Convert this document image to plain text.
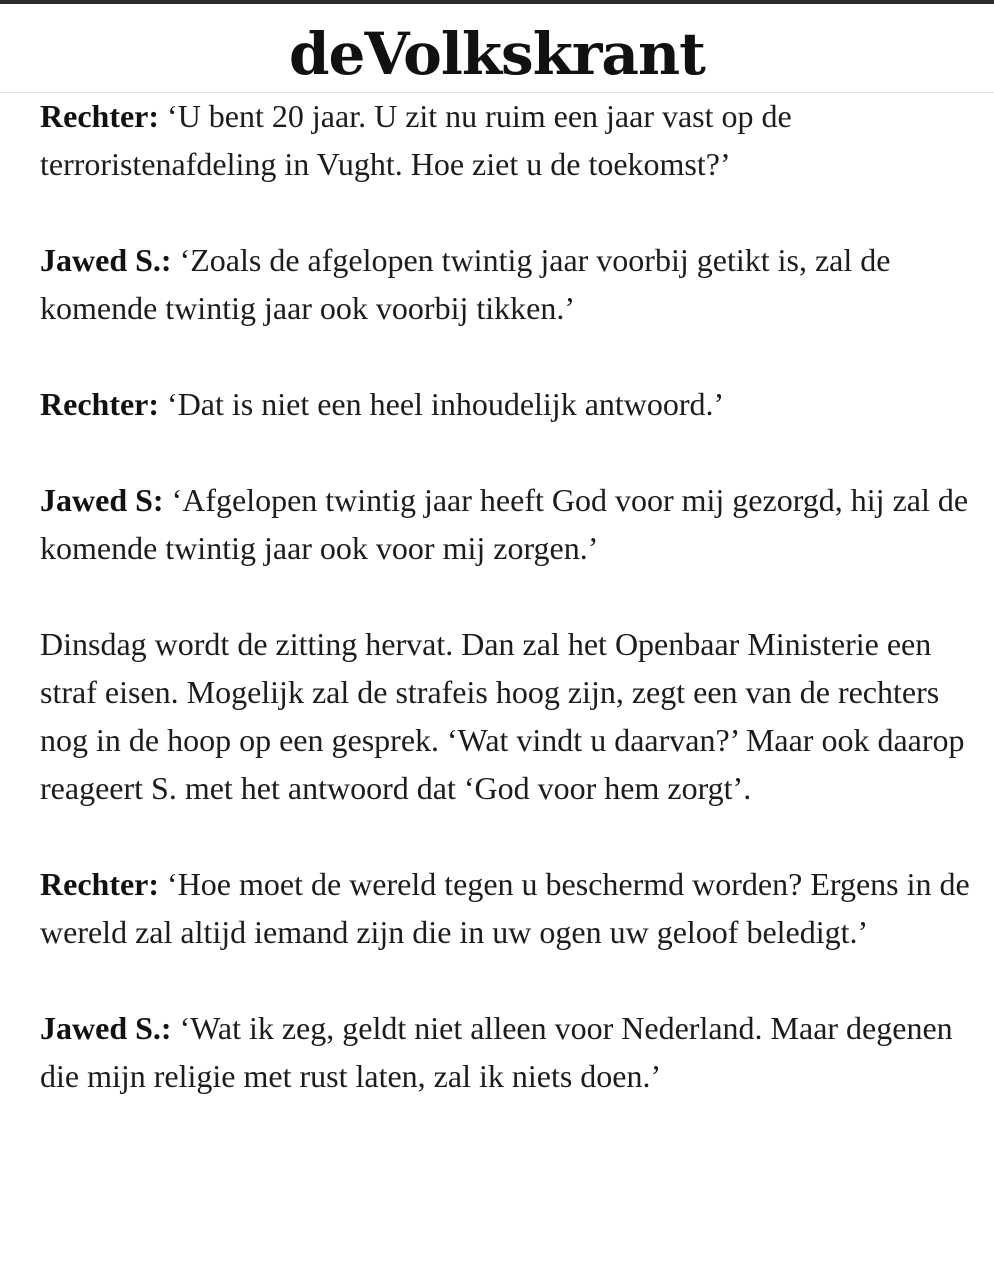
deVolkskrant

Rechter: ‘U bent 20 jaar. U zit nu ruim een jaar vast op de terroristenafdeling in Vught. Hoe ziet u de toekomst?’

Jawed S.: ‘Zoals de afgelopen twintig jaar voorbij getikt is, zal de komende twintig jaar ook voorbij tikken.’

Rechter: ‘Dat is niet een heel inhoudelijk antwoord.’

Jawed S: ‘Afgelopen twintig jaar heeft God voor mij gezorgd, hij zal de komende twintig jaar ook voor mij zorgen.’

Dinsdag wordt de zitting hervat. Dan zal het Openbaar Ministerie een straf eisen. Mogelijk zal de strafeis hoog zijn, zegt een van de rechters nog in de hoop op een gesprek. ‘Wat vindt u daarvan?’ Maar ook daarop reageert S. met het antwoord dat ‘God voor hem zorgt’.

Rechter: ‘Hoe moet de wereld tegen u beschermd worden? Ergens in de wereld zal altijd iemand zijn die in uw ogen uw geloof beledigt.’

Jawed S.: ‘Wat ik zeg, geldt niet alleen voor Nederland. Maar degenen die mijn religie met rust laten, zal ik niets doen.’
